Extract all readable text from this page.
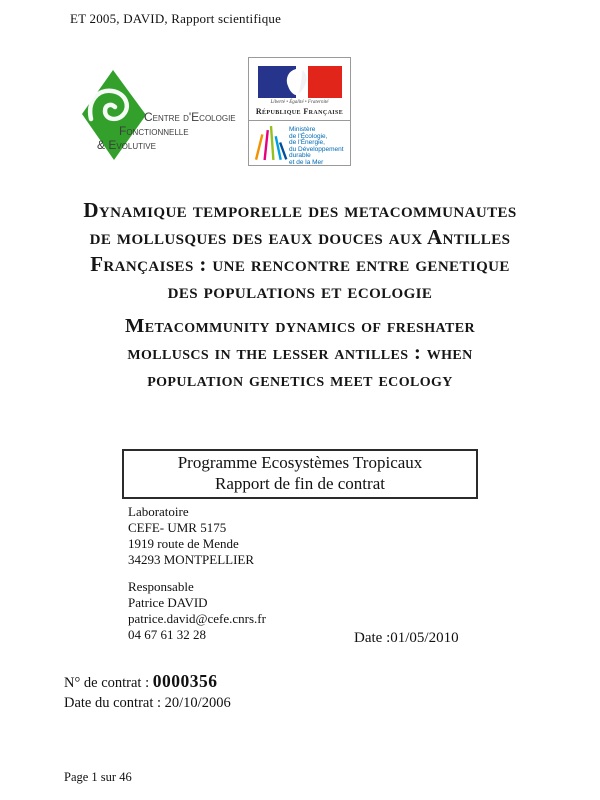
ET 2005, DAVID, Rapport scientifique
Centre d'Ecologie
Fonctionnelle
& Evolutive
Liberté • Égalité • Fraternité
République Française
Ministère
de l'Écologie,
de l'Énergie,
du Développement
durable
et de la Mer
Dynamique temporelle des metacommunautes
de mollusques des eaux douces aux Antilles
Françaises : une rencontre entre genetique
des populations et ecologie
Metacommunity dynamics of freshater
molluscs in the lesser antilles : when
population genetics meet ecology
Programme Ecosystèmes Tropicaux
Rapport de fin de contrat
Laboratoire
CEFE- UMR 5175
1919 route de Mende
34293 MONTPELLIER
Responsable
Patrice DAVID
patrice.david@cefe.cnrs.fr
04 67 61 32 28	Date :01/05/2010
N° de contrat : 0000356
Date du contrat : 20/10/2006
Page 1 sur 46
